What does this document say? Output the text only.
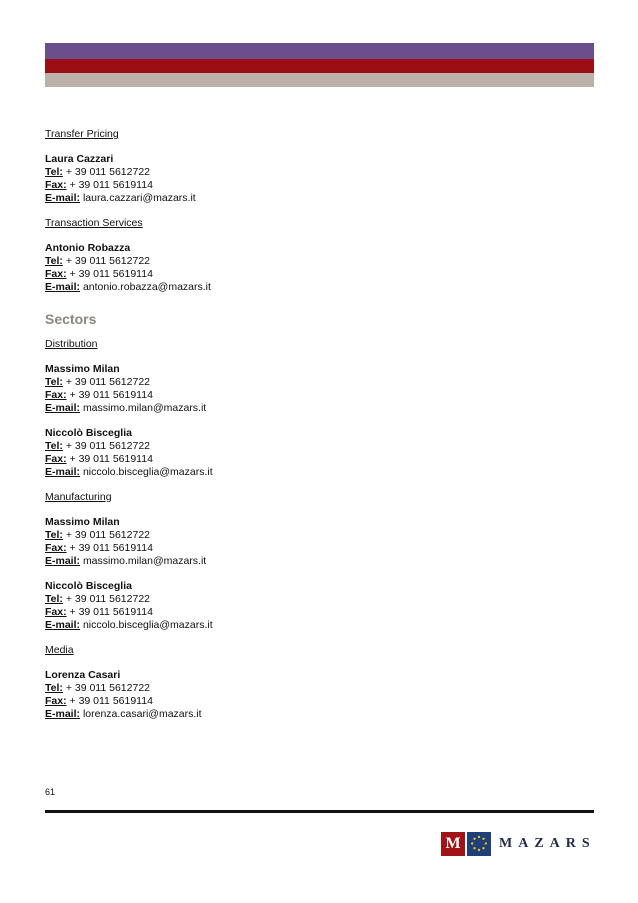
Transfer Pricing
Laura Cazzari
Tel: + 39 011 5612722
Fax: + 39 011 5619114
E-mail: laura.cazzari@mazars.it
Transaction Services
Antonio Robazza
Tel: + 39 011 5612722
Fax: + 39 011 5619114
E-mail: antonio.robazza@mazars.it
Sectors
Distribution
Massimo Milan
Tel: + 39 011 5612722
Fax: + 39 011 5619114
E-mail: massimo.milan@mazars.it
Niccolò Bisceglia
Tel: + 39 011 5612722
Fax: + 39 011 5619114
E-mail: niccolo.bisceglia@mazars.it
Manufacturing
Massimo Milan
Tel: + 39 011 5612722
Fax: + 39 011 5619114
E-mail: massimo.milan@mazars.it
Niccolò Bisceglia
Tel: + 39 011 5612722
Fax: + 39 011 5619114
E-mail: niccolo.bisceglia@mazars.it
Media
Lorenza Casari
Tel: + 39 011 5612722
Fax: + 39 011 5619114
E-mail: lorenza.casari@mazars.it
61
M	MAZARS
